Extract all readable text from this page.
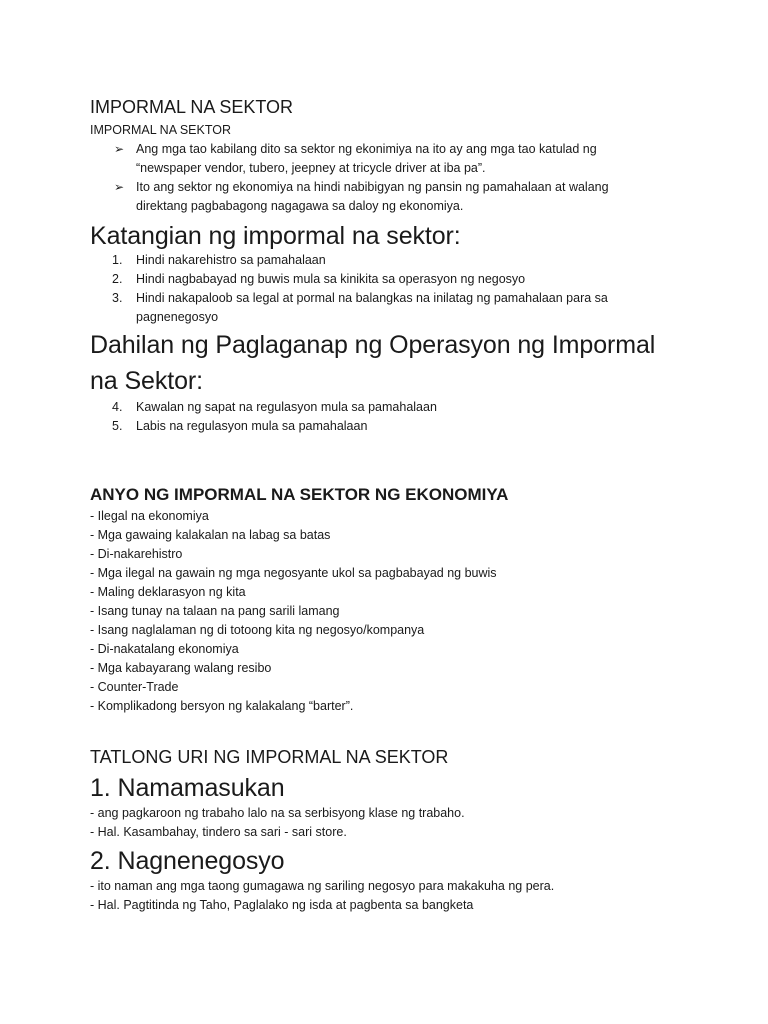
IMPORMAL NA SEKTOR
IMPORMAL NA SEKTOR
➢ Ang mga tao kabilang dito sa sektor ng ekonimiya na ito ay ang mga tao katulad ng
“newspaper vendor, tubero, jeepney at tricycle driver at iba pa”.
➢ Ito ang sektor ng ekonomiya na hindi nabibigyan ng pansin ng pamahalaan at walang
direktang pagbabagong nagagawa sa daloy ng ekonomiya.
Katangian ng impormal na sektor:
1. Hindi nakarehistro sa pamahalaan
2. Hindi nagbabayad ng buwis mula sa kinikita sa operasyon ng negosyo
3. Hindi nakapaloob sa legal at pormal na balangkas na inilatag ng pamahalaan para sa
pagnenegosyo
Dahilan ng Paglaganap ng Operasyon ng Impormal
na Sektor:
4. Kawalan ng sapat na regulasyon mula sa pamahalaan
5. Labis na regulasyon mula sa pamahalaan
ANYO NG IMPORMAL NA SEKTOR NG EKONOMIYA
- Ilegal na ekonomiya
- Mga gawaing kalakalan na labag sa batas
- Di-nakarehistro
- Mga ilegal na gawain ng mga negosyante ukol sa pagbabayad ng buwis
- Maling deklarasyon ng kita
- Isang tunay na talaan na pang sarili lamang
- Isang naglalaman ng di totoong kita ng negosyo/kompanya
- Di-nakatalang ekonomiya
- Mga kabayarang walang resibo
- Counter-Trade
- Komplikadong bersyon ng kalakalang “barter”.
TATLONG URI NG IMPORMAL NA SEKTOR
1. Namamasukan
- ang pagkaroon ng trabaho lalo na sa serbisyong klase ng trabaho.
- Hal. Kasambahay, tindero sa sari - sari store.
2. Nagnenegosyo
- ito naman ang mga taong gumagawa ng sariling negosyo para makakuha ng pera.
- Hal. Pagtitinda ng Taho, Paglalako ng isda at pagbenta sa bangketa
